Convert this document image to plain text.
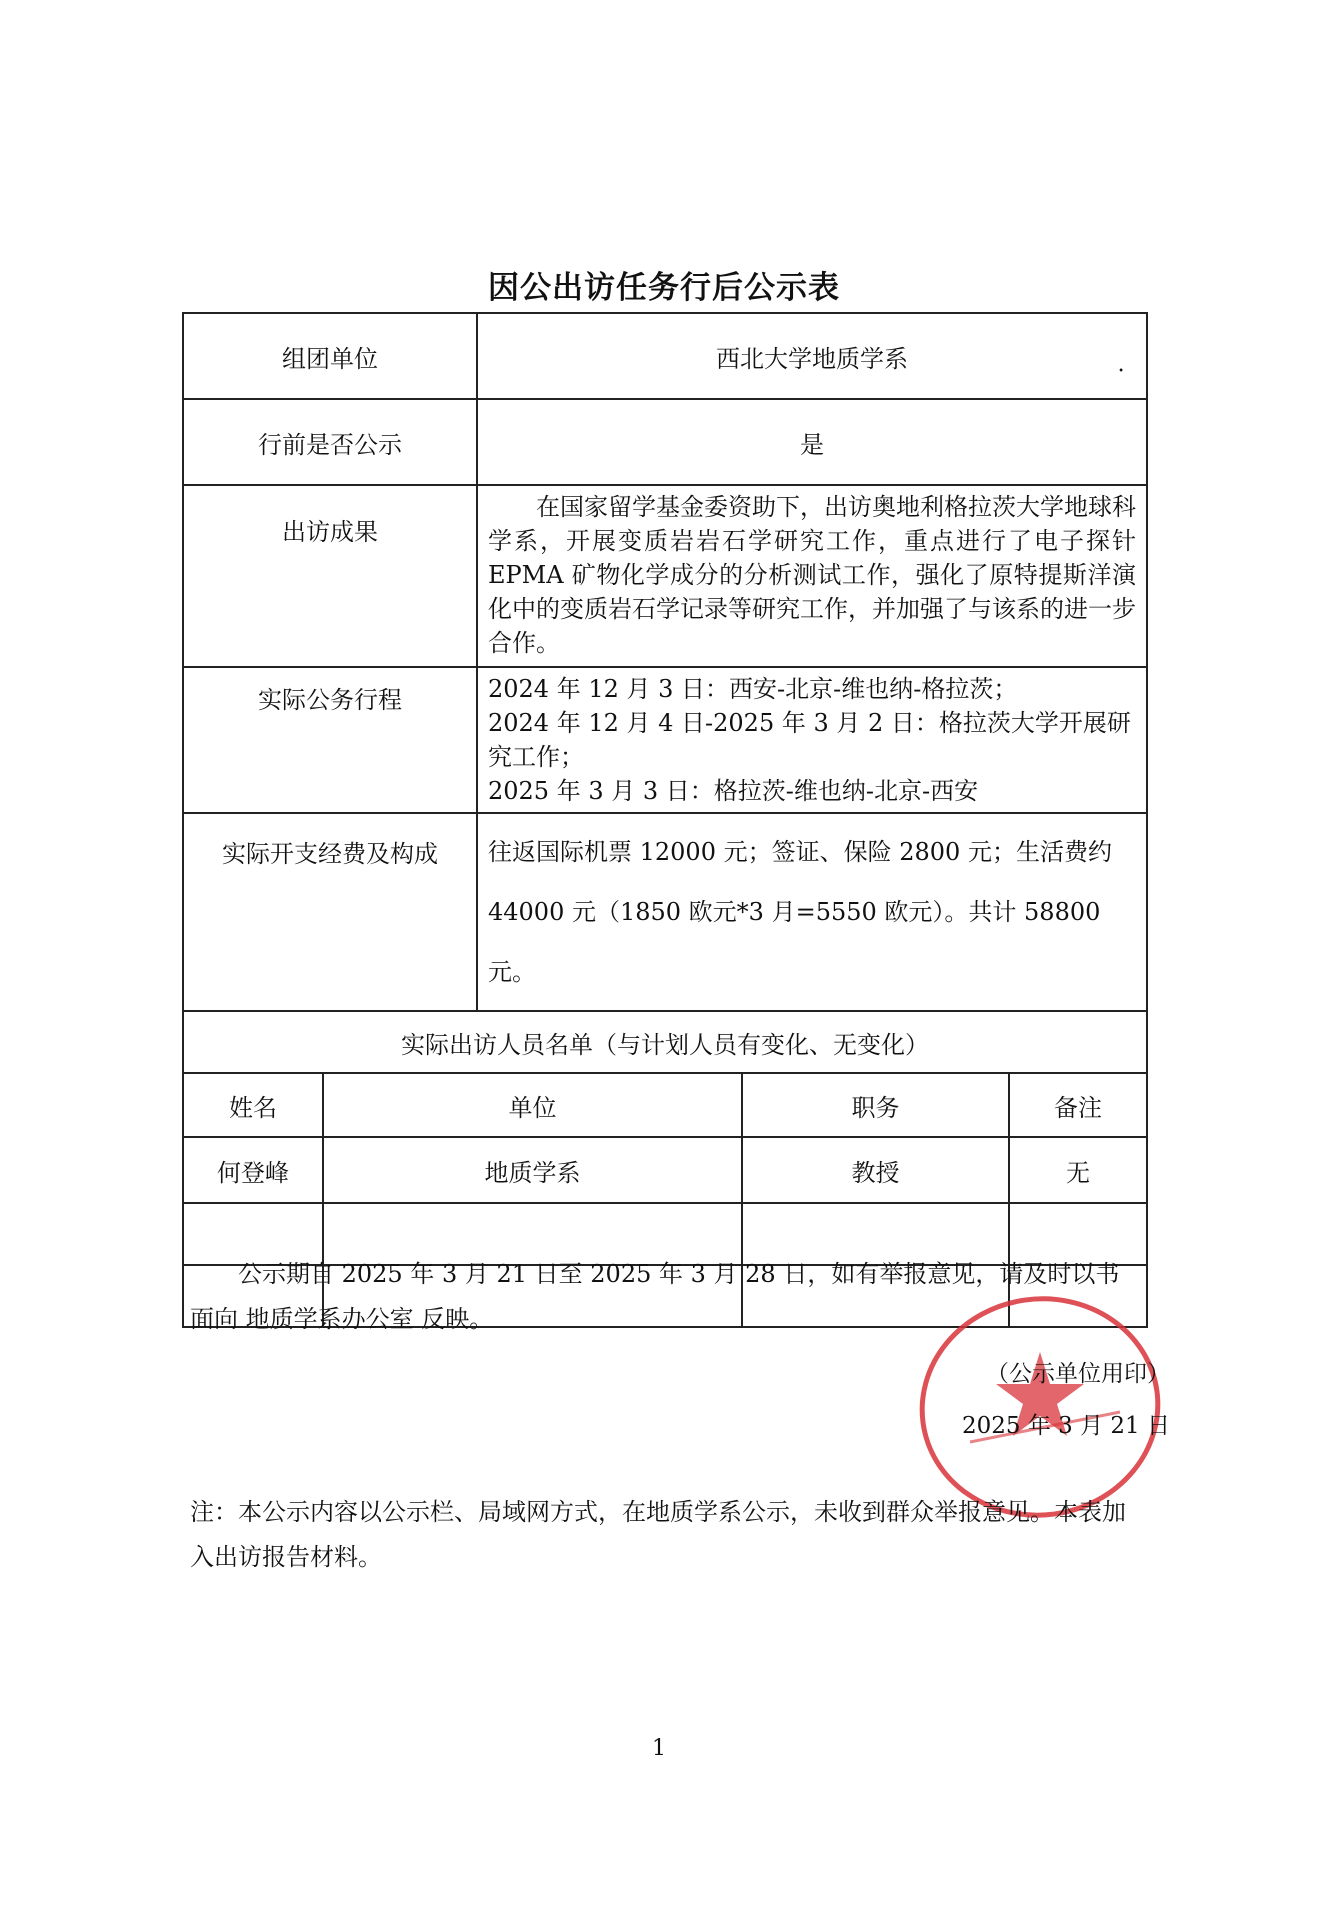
因公出访任务行后公示表
组团单位		西北大学地质学系 •		

行前是否公示		是		
出访成果		在国家留学基金委资助下，出访奥地利格拉茨大学地球科学系，开展变质岩岩石学研究工作，重点进行了电子探针 EPMA 矿物化学成分的分析测试工作，强化了原特提斯洋演化中的变质岩石学记录等研究工作，并加强了与该系的进一步合作。		
实际公务行程		2024 年 12 月 3 日：西安-北京-维也纳-格拉茨；
2024 年 12 月 4 日-2025 年 3 月 2 日：格拉茨大学开展研究工作；
2025 年 3 月 3 日：格拉茨-维也纳-北京-西安		

实际开支经费及构成		往返国际机票 12000 元；签证、保险 2800 元；生活费约 44000 元（1850 欧元*3 月=5550 欧元）。共计 58800 元。		
实际出访人员名单（与计划人员有变化、无变化）				
姓名	单位		职务	备注
何登峰	地质学系		教授	无

公示期自 2025 年 3 月 21 日至 2025 年 3 月 28 日，如有举报意见，请及时以书面向 地质学系办公室 反映。
（公示单位用印）
2025 年 3 月 21 日
注：本公示内容以公示栏、局域网方式，在地质学系公示，未收到群众举报意见。本表加入出访报告材料。
1
